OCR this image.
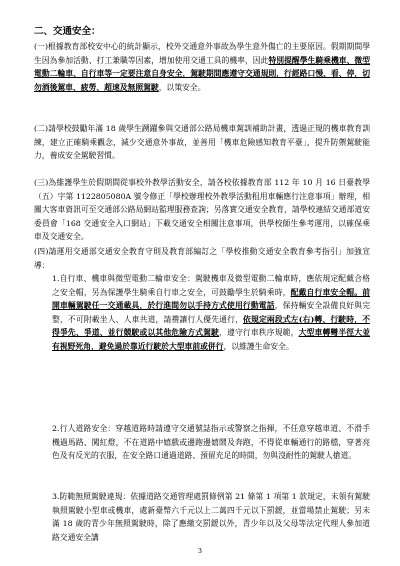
二、交通安全：

(一)根據教育部校安中心的統計顯示，校外交通意外事故為學生意外傷亡的主要原因。假期期間學生因為參加活動、打工兼職等因素，增加使用交通工具的機率，因此特別提醒學生騎乘機車、微型電動二輪車、自行車等一定要注意自身安全，駕駛期間應遵守交通規則，行經路口慢、看、停，切勿酒後駕車、疲勞、超速及無照駕駛，以策安全。

(二)請學校鼓勵年滿 18 歲學生踴躍參與交通部公路局機車駕訓補助計畫，透過正規的機車教育訓練，建立正確騎乘觀念，減少交通意外事故，並善用「機車危險感知教育平臺」，提升防禦駕駛能力，養成安全駕駛習慣。

(三)為維護學生於假期間從事校外教學活動安全，請各校依據教育部 112 年 10 月 16 日臺教學（五）字第 1122805080A 號令修正「學校辦理校外教學活動租用車輛應行注意事項」辦理，相關大客車資訊可至交通部公路局網站監理服務查詢；另落實交通安全教育，請學校連結交通部道安委員會「168 交通安全入口網站」下載交通安全相關注意事項，供學校師生參考運用，以確保乘車及交通安全。

(四)請運用交通部交通安全教育守則及教育部編訂之「學校推動交通安全教育參考指引」加強宣導：

1.自行車、機車與微型電動二輪車安全：駕駛機車及微型電動二輪車時，應依規定配戴合格之安全帽，另為保護學生騎乘自行車之安全，可鼓勵學生於騎乘時，配戴自行車安全帽。前開車輛駕駛任一交通載具，於行進間勿以手持方式使用行動電話，保持輛安全設備良好與完整，不可附載坐人、人車共道，請禮讓行人優先通行，依規定兩段式左(右)轉、行駛時，不得爭先、爭道、並行競駛或以其他危險方式駕駛，遵守行車秩序規範，大型車轉彎半徑大並有視野死角，避免過於靠近行駛於大型車前或併行，以維護生命安全。

2.行人道路安全：穿越道路時請遵守交通號誌指示或警察之指揮，不任意穿越車道、不滑手機過馬路、闖紅燈，不在道路中嬉戲或邊跑邊嬉鬧及奔跑，不得從車輛通行的路檔，穿著亮色及有反光的衣服，在安全路口通過道路、預留充足的時間，勿與沒耐性的駕駛人搶道。

3.防範無照駕駛違規：依據道路交通管理處罰條例第 21 條第 1 項第 1 款規定，未領有駕駛執照駕駛小型車或機車，處新臺幣六千元以上二萬四千元以下罰鍰，並當場禁止駕駛；另未滿 18 歲的青少年無照駕駛時，除了應繳交罰鍰以外，青少年以及父母等法定代理人參加道路交通安全講

3
